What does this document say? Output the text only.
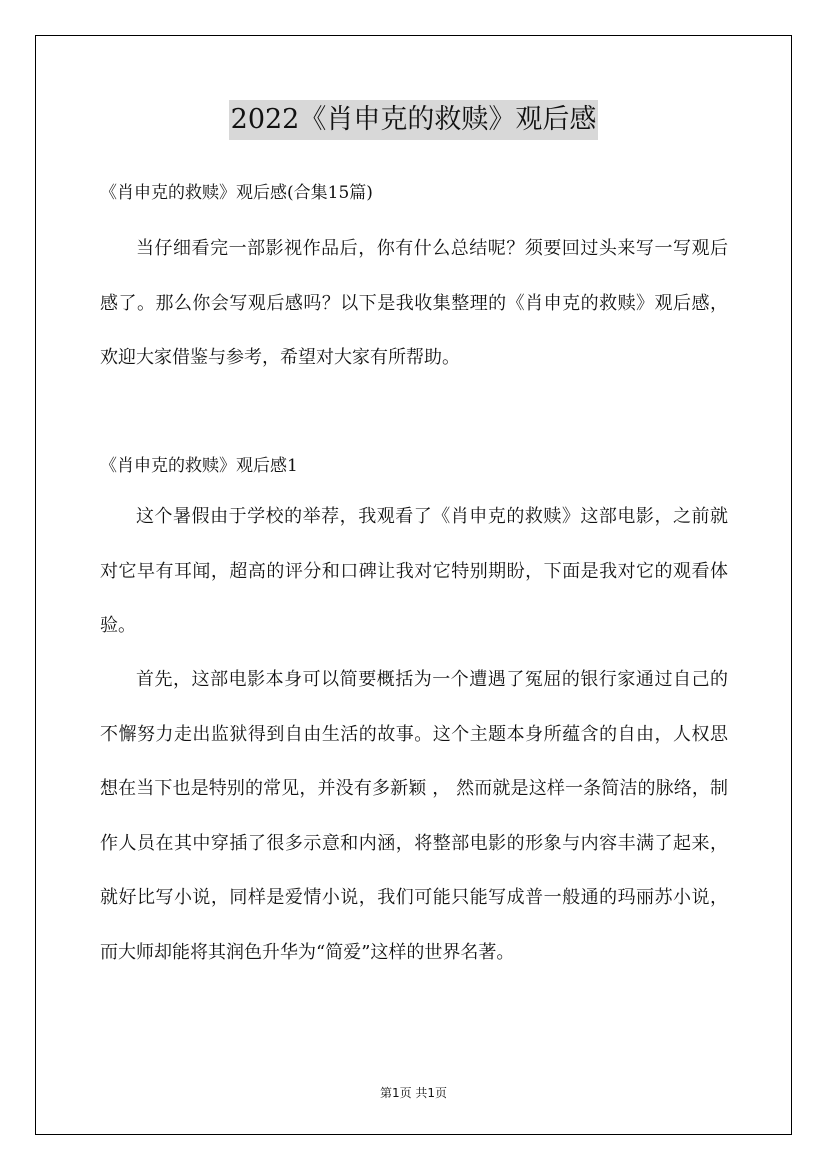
2022《肖申克的救赎》观后感
《肖申克的救赎》观后感(合集15篇)

当仔细看完一部影视作品后，你有什么总结呢？须要回过头来写一写观后感了。那么你会写观后感吗？以下是我收集整理的《肖申克的救赎》观后感，欢迎大家借鉴与参考，希望对大家有所帮助。

《肖申克的救赎》观后感1

这个暑假由于学校的举荐，我观看了《肖申克的救赎》这部电影，之前就对它早有耳闻，超高的评分和口碑让我对它特别期盼，下面是我对它的观看体验。

首先，这部电影本身可以简要概括为一个遭遇了冤屈的银行家通过自己的不懈努力走出监狱得到自由生活的故事。这个主题本身所蕴含的自由，人权思想在当下也是特别的常见，并没有多新颖 ， 然而就是这样一条简洁的脉络，制作人员在其中穿插了很多示意和内涵，将整部电影的形象与内容丰满了起来，就好比写小说，同样是爱情小说，我们可能只能写成普一般通的玛丽苏小说，而大师却能将其润色升华为“简爱”这样的世界名著。

第1页 共1页
